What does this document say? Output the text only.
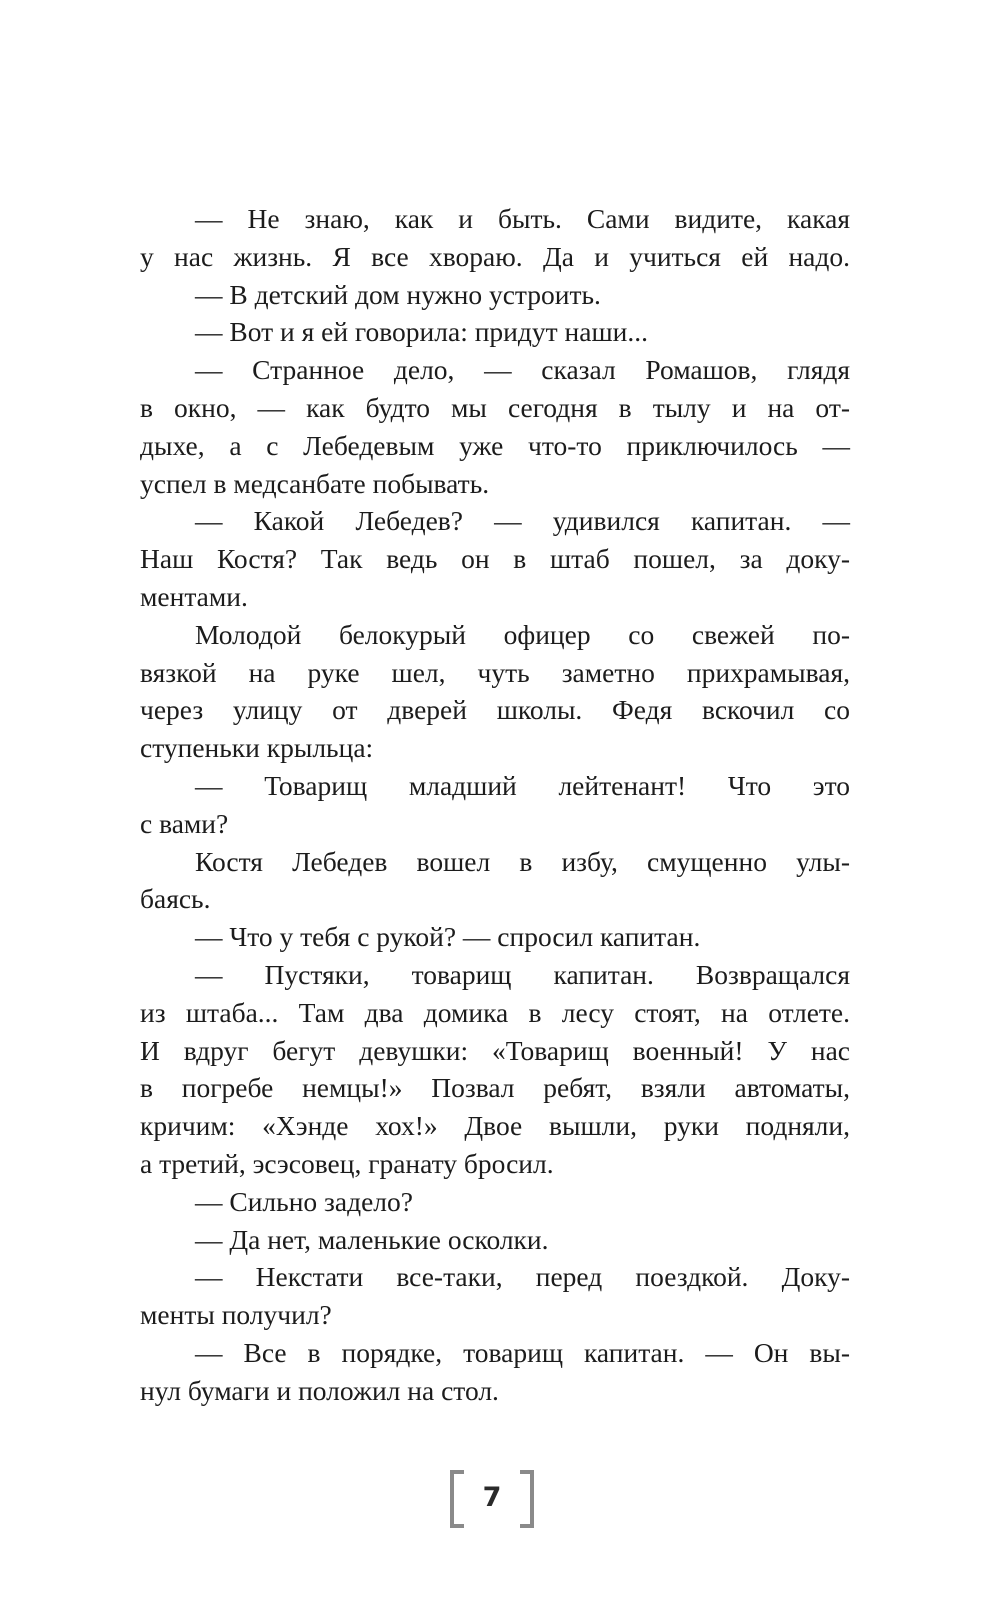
— Не знаю, как и быть. Сами видите, какая
у нас жизнь. Я все хвораю. Да и учиться ей надо.
— В детский дом нужно устроить.
— Вот и я ей говорила: придут наши...
— Странное дело, — сказал Ромашов, глядя
в окно, — как будто мы сегодня в тылу и на от-
дыхе, а с Лебедевым уже что-то приключилось —
успел в медсанбате побывать.
— Какой Лебедев? — удивился капитан. —
Наш Костя? Так ведь он в штаб пошел, за доку-
ментами.
Молодой белокурый офицер со свежей по-
вязкой на руке шел, чуть заметно прихрамывая,
через улицу от дверей школы. Федя вскочил со
ступеньки крыльца:
— Товарищ младший лейтенант! Что это
с вами?
Костя Лебедев вошел в избу, смущенно улы-
баясь.
— Что у тебя с рукой? — спросил капитан.
— Пустяки, товарищ капитан. Возвращался
из штаба... Там два домика в лесу стоят, на отлете.
И вдруг бегут девушки: «Товарищ военный! У нас
в погребе немцы!» Позвал ребят, взяли автоматы,
кричим: «Хэнде хох!» Двое вышли, руки подняли,
а третий, эсэсовец, гранату бросил.
— Сильно задело?
— Да нет, маленькие осколки.
— Некстати все-таки, перед поездкой. Доку-
менты получил?
— Все в порядке, товарищ капитан. — Он вы-
нул бумаги и положил на стол.
7
